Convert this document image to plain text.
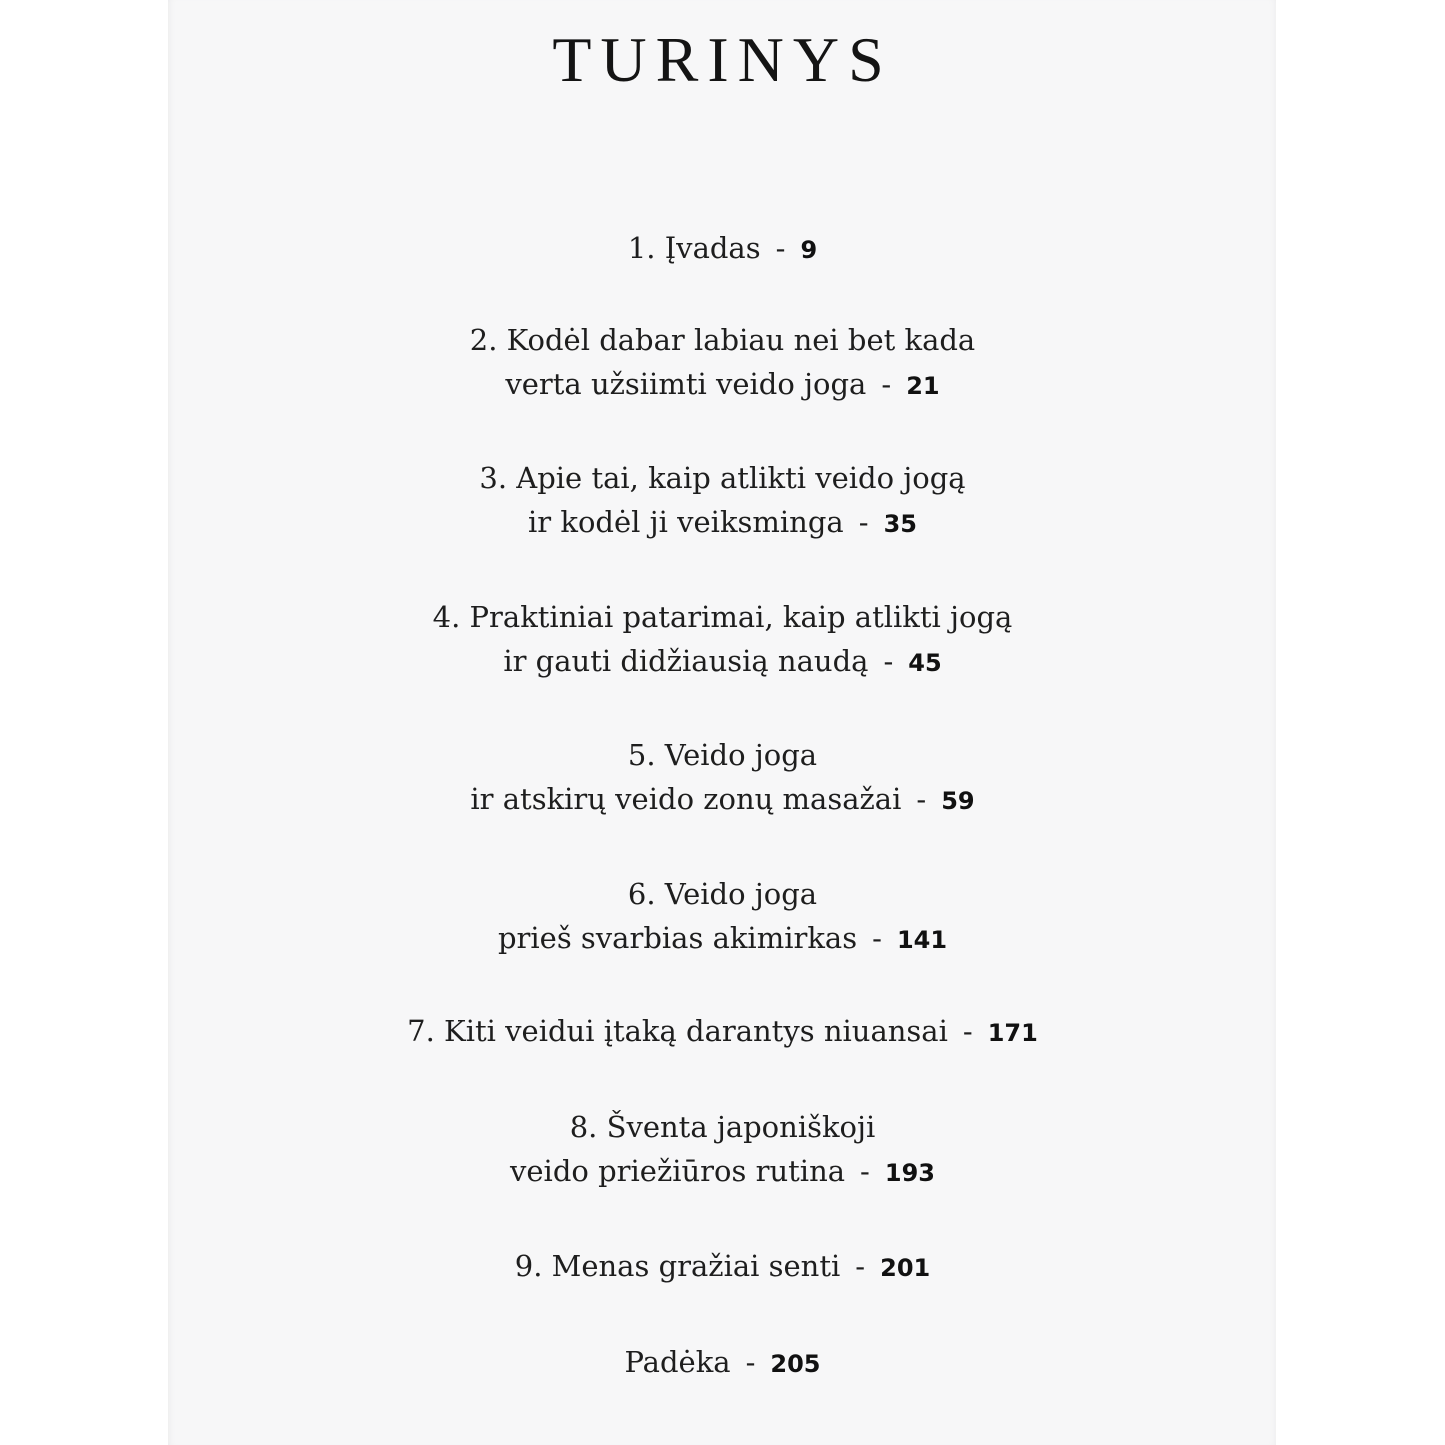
TURINYS
1. Įvadas - 9
2. Kodėl dabar labiau nei bet kada
verta užsiimti veido joga - 21
3. Apie tai, kaip atlikti veido jogą
ir kodėl ji veiksminga - 35
4. Praktiniai patarimai, kaip atlikti jogą
ir gauti didžiausią naudą - 45
5. Veido joga
ir atskirų veido zonų masažai - 59
6. Veido joga
prieš svarbias akimirkas - 141
7. Kiti veidui įtaką darantys niuansai - 171
8. Šventa japoniškoji
veido priežiūros rutina - 193
9. Menas gražiai senti - 201
Padėka - 205
